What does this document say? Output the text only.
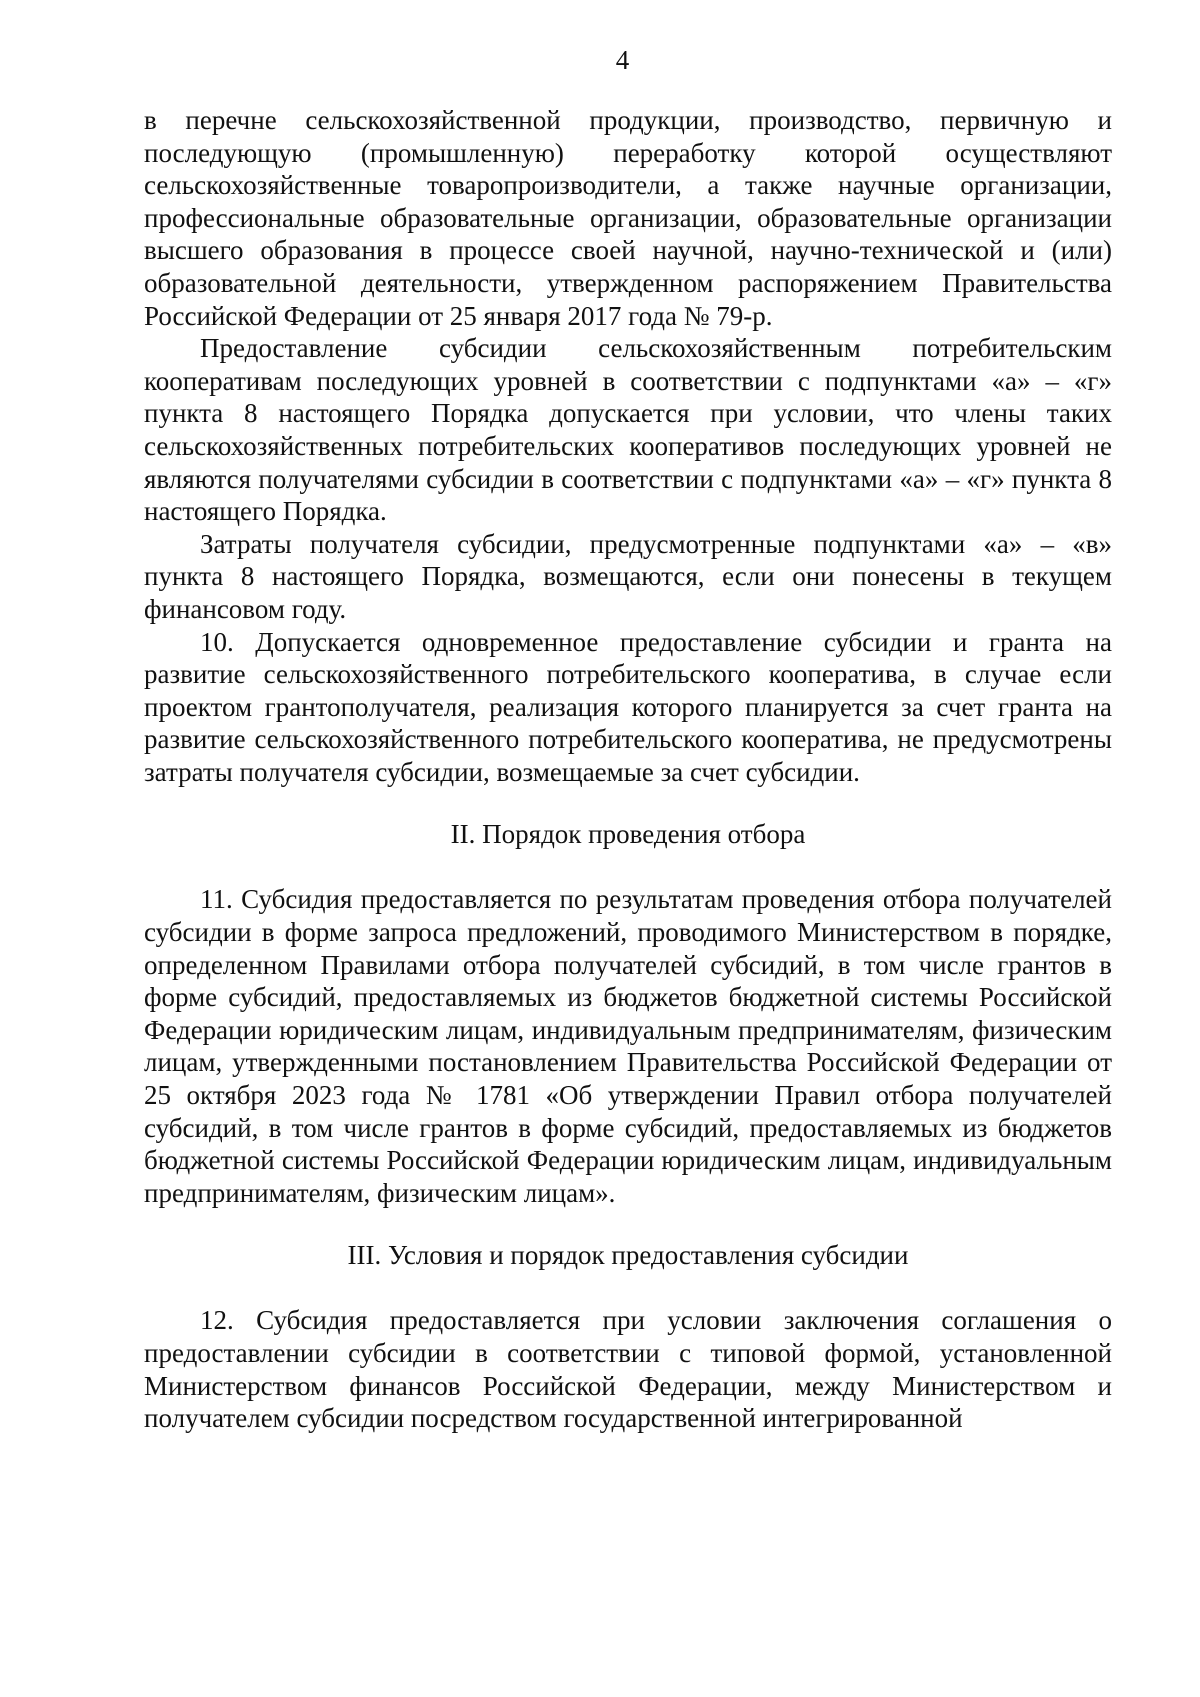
4

в перечне сельскохозяйственной продукции, производство, первичную и последующую (промышленную) переработку которой осуществляют сельскохозяйственные товаропроизводители, а также научные организации, профессиональные образовательные организации, образовательные организации высшего образования в процессе своей научной, научно-технической и (или) образовательной деятельности, утвержденном распоряжением Правительства Российской Федерации от 25 января 2017 года № 79-р.

Предоставление субсидии сельскохозяйственным потребительским кооперативам последующих уровней в соответствии с подпунктами «а» – «г» пункта 8 настоящего Порядка допускается при условии, что члены таких сельскохозяйственных потребительских кооперативов последующих уровней не являются получателями субсидии в соответствии с подпунктами «а» – «г» пункта 8 настоящего Порядка.

Затраты получателя субсидии, предусмотренные подпунктами «а» – «в» пункта 8 настоящего Порядка, возмещаются, если они понесены в текущем финансовом году.

10. Допускается одновременное предоставление субсидии и гранта на развитие сельскохозяйственного потребительского кооператива, в случае если проектом грантополучателя, реализация которого планируется за счет гранта на развитие сельскохозяйственного потребительского кооператива, не предусмотрены затраты получателя субсидии, возмещаемые за счет субсидии.

II. Порядок проведения отбора

11. Субсидия предоставляется по результатам проведения отбора получателей субсидии в форме запроса предложений, проводимого Министерством в порядке, определенном Правилами отбора получателей субсидий, в том числе грантов в форме субсидий, предоставляемых из бюджетов бюджетной системы Российской Федерации юридическим лицам, индивидуальным предпринимателям, физическим лицам, утвержденными постановлением Правительства Российской Федерации от 25 октября 2023 года № 1781 «Об утверждении Правил отбора получателей субсидий, в том числе грантов в форме субсидий, предоставляемых из бюджетов бюджетной системы Российской Федерации юридическим лицам, индивидуальным предпринимателям, физическим лицам».

III. Условия и порядок предоставления субсидии

12. Субсидия предоставляется при условии заключения соглашения о предоставлении субсидии в соответствии с типовой формой, установленной Министерством финансов Российской Федерации, между Министерством и получателем субсидии посредством государственной интегрированной
